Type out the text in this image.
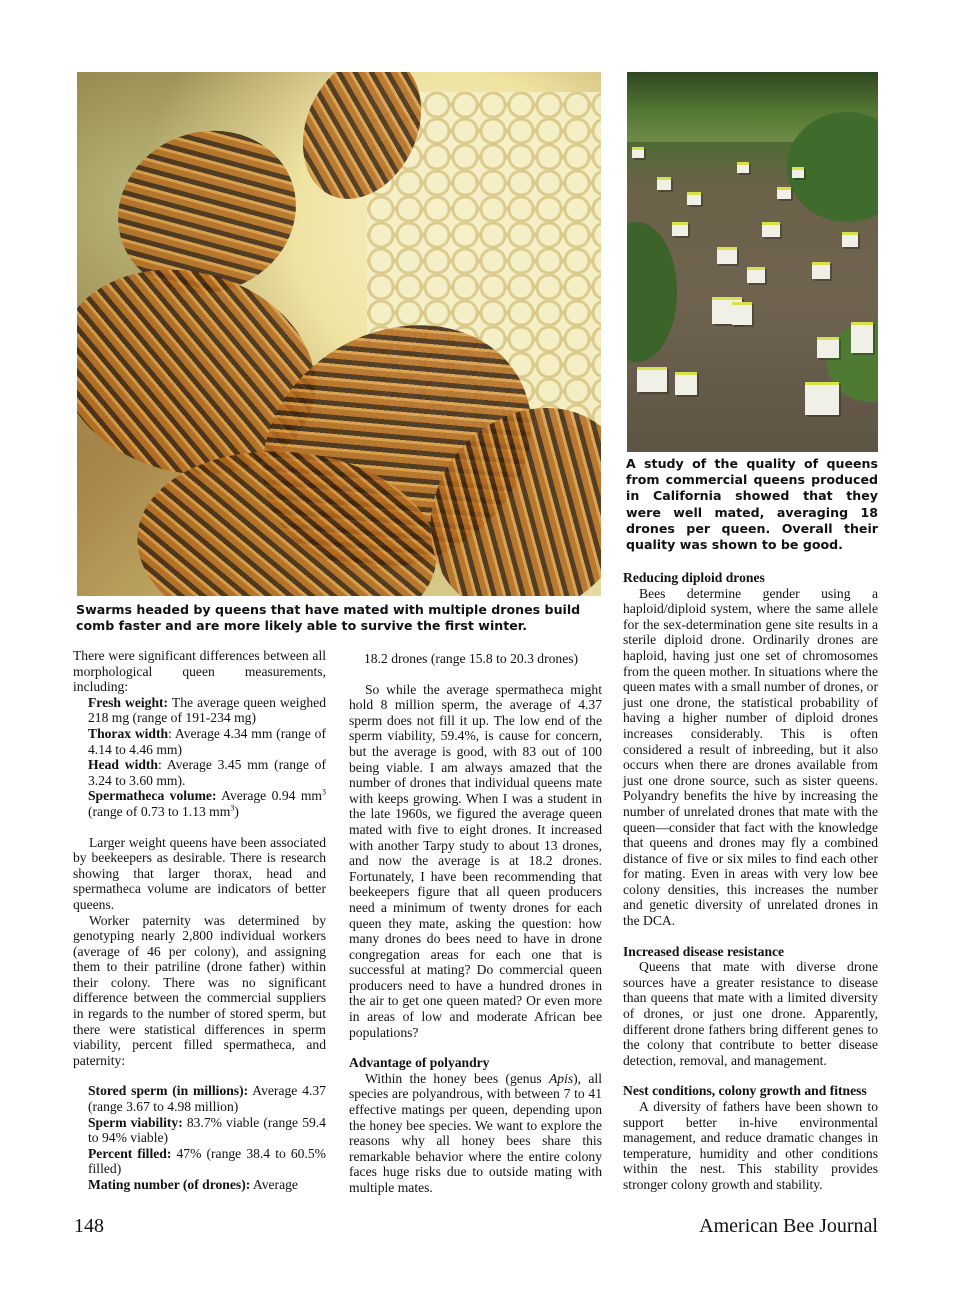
A study of the quality of queens from commercial queens produced in California showed that they were well mated, averaging 18 drones per queen. Overall their quality was shown to be good.
Swarms headed by queens that have mated with multiple drones build comb faster and are more likely able to survive the first winter.

There were significant differences between all morphological queen measurements, including:

Fresh weight: The average queen weighed 218 mg (range of 191-234 mg)

Thorax width: Average 4.34 mm (range of 4.14 to 4.46 mm)

Head width: Average 3.45 mm (range of 3.24 to 3.60 mm).

Spermatheca volume: Average 0.94 $mm^3$ (range of 0.73 to 1.13 $mm^3$)

Larger weight queens have been associated by beekeepers as desirable. There is research showing that larger thorax, head and spermatheca volume are indicators of better queens.

Worker paternity was determined by genotyping nearly 2,800 individual workers (average of 46 per colony), and assigning them to their patriline (drone father) within their colony. There was no significant difference between the commercial suppliers in regards to the number of stored sperm, but there were statistical differences in sperm viability, percent filled spermatheca, and paternity:

Stored sperm (in millions): Average 4.37 (range 3.67 to 4.98 million)

Sperm viability: 83.7% viable (range 59.4 to 94% viable)

Percent filled: 47% (range 38.4 to 60.5% filled)

Mating number (of drones): Average

18.2 drones (range 15.8 to 20.3 drones)

So while the average spermatheca might hold 8 million sperm, the average of 4.37 sperm does not fill it up. The low end of the sperm viability, 59.4%, is cause for concern, but the average is good, with 83 out of 100 being viable. I am always amazed that the number of drones that individual queens mate with keeps growing. When I was a student in the late 1960s, we figured the average queen mated with five to eight drones. It increased with another Tarpy study to about 13 drones, and now the average is at 18.2 drones. Fortunately, I have been recommending that beekeepers figure that all queen producers need a minimum of twenty drones for each queen they mate, asking the question: how many drones do bees need to have in drone congregation areas for each one that is successful at mating? Do commercial queen producers need to have a hundred drones in the air to get one queen mated? Or even more in areas of low and moderate African bee populations?

Advantage of polyandry

Within the honey bees (genus Apis), all species are polyandrous, with between 7 to 41 effective matings per queen, depending upon the honey bee species. We want to explore the reasons why all honey bees share this remarkable behavior where the entire colony faces huge risks due to outside mating with multiple mates.

Reducing diploid drones

Bees determine gender using a haploid/diploid system, where the same allele for the sex-determination gene site results in a sterile diploid drone. Ordinarily drones are haploid, having just one set of chromosomes from the queen mother. In situations where the queen mates with a small number of drones, or just one drone, the statistical probability of having a higher number of diploid drones increases considerably. This is often considered a result of inbreeding, but it also occurs when there are drones available from just one drone source, such as sister queens. Polyandry benefits the hive by increasing the number of unrelated drones that mate with the queen—consider that fact with the knowledge that queens and drones may fly a combined distance of five or six miles to find each other for mating. Even in areas with very low bee colony densities, this increases the number and genetic diversity of unrelated drones in the DCA.

Increased disease resistance

Queens that mate with diverse drone sources have a greater resistance to disease than queens that mate with a limited diversity of drones, or just one drone. Apparently, different drone fathers bring different genes to the colony that contribute to better disease detection, removal, and management.

Nest conditions, colony growth and fitness

A diversity of fathers have been shown to support better in-hive environmental management, and reduce dramatic changes in temperature, humidity and other conditions within the nest. This stability provides stronger colony growth and stability.

148	American Bee Journal
